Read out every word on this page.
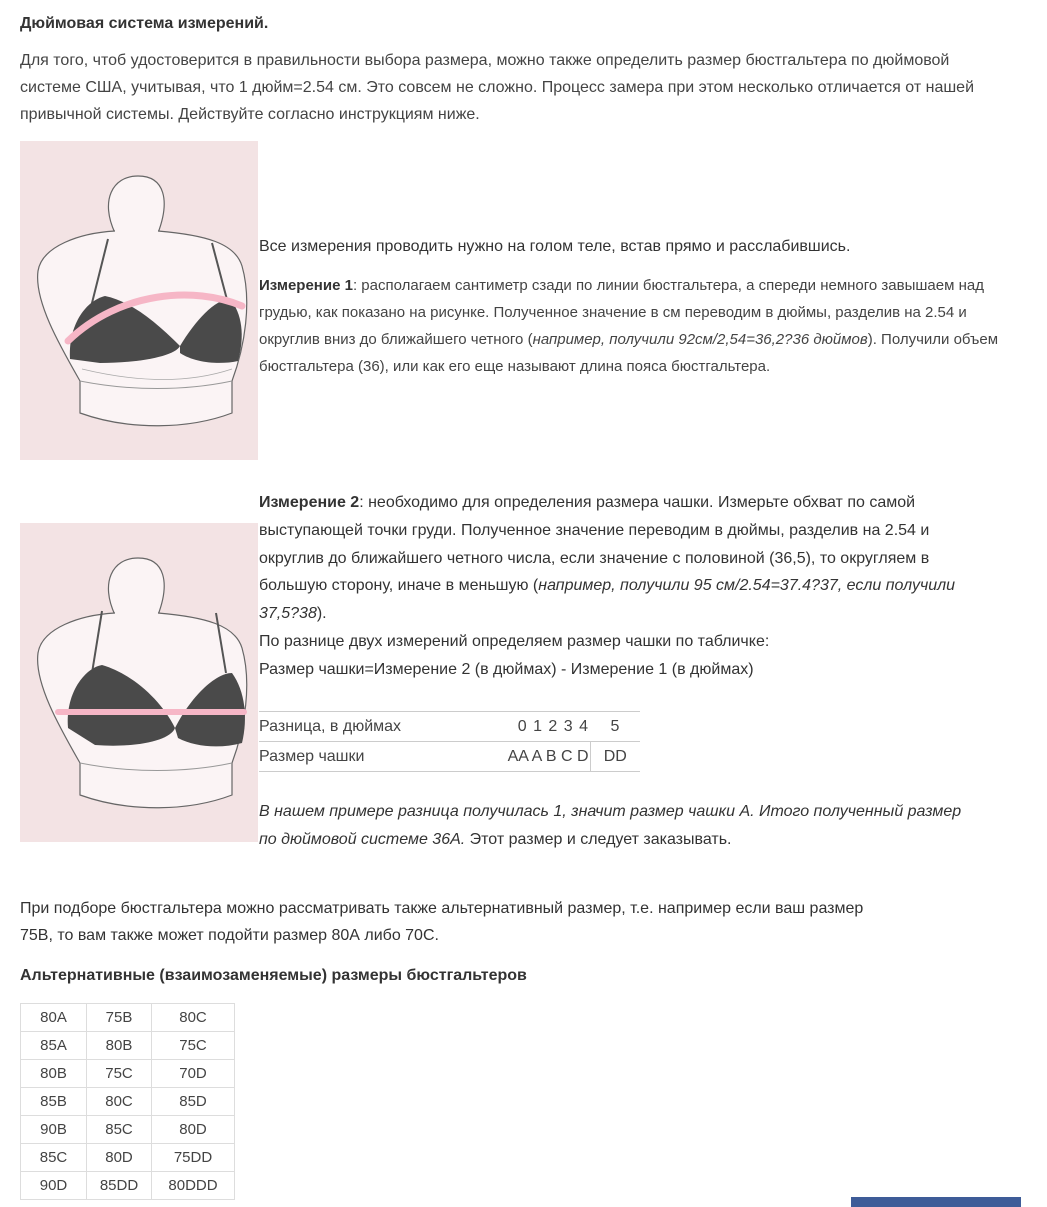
Дюймовая система измерений.
Для того, чтоб удостоверится в правильности выбора размера, можно также определить размер бюстгальтера по дюймовой системе США, учитывая, что 1 дюйм=2.54 см. Это совсем не сложно. Процесс замера при этом несколько отличается от нашей привычной системы. Действуйте согласно инструкциям ниже.
Все измерения проводить нужно на голом теле, встав прямо и расслабившись.
Измерение 1: располагаем сантиметр сзади по линии бюстгальтера, а спереди немного завышаем над
грудью, как показано на рисунке. Полученное значение в см переводим в дюймы, разделив на 2.54 и
округлив вниз до ближайшего четного (например, получили 92см/2,54=36,2?36 дюймов). Получили объем
бюстгальтера (36), или как его еще называют длина пояса бюстгальтера.
Измерение 2: необходимо для определения размера чашки. Измерьте обхват по самой
выступающей точки груди. Полученное значение переводим в дюймы, разделив на 2.54 и
округлив до ближайшего четного числа, если значение с половиной (36,5), то округляем в
большую сторону, иначе в меньшую (например, получили 95 см/2.54=37.4?37, если получили
37,5?38).
По разнице двух измерений определяем размер чашки по табличке:
Размер чашки=Измерение 2 (в дюймах) - Измерение 1 (в дюймах)
Разница, в дюймах	0 1 2 3 4	5
Размер чашки	AA A B C D	DD
В нашем примере разница получилась 1, значит размер чашки А. Итого полученный размер
по дюймовой системе 36А. Этот размер и следует заказывать.
При подборе бюстгальтера можно рассматривать также альтернативный размер, т.е. например если ваш размер
75В, то вам также может подойти размер 80А либо 70С.
Альтернативные (взаимозаменяемые) размеры бюстгальтеров
80A	75B	80C
85A	80B	75C
80B	75C	70D
85B	80C	85D
90B	85C	80D
85C	80D	75DD
90D	85DD	80DDD
